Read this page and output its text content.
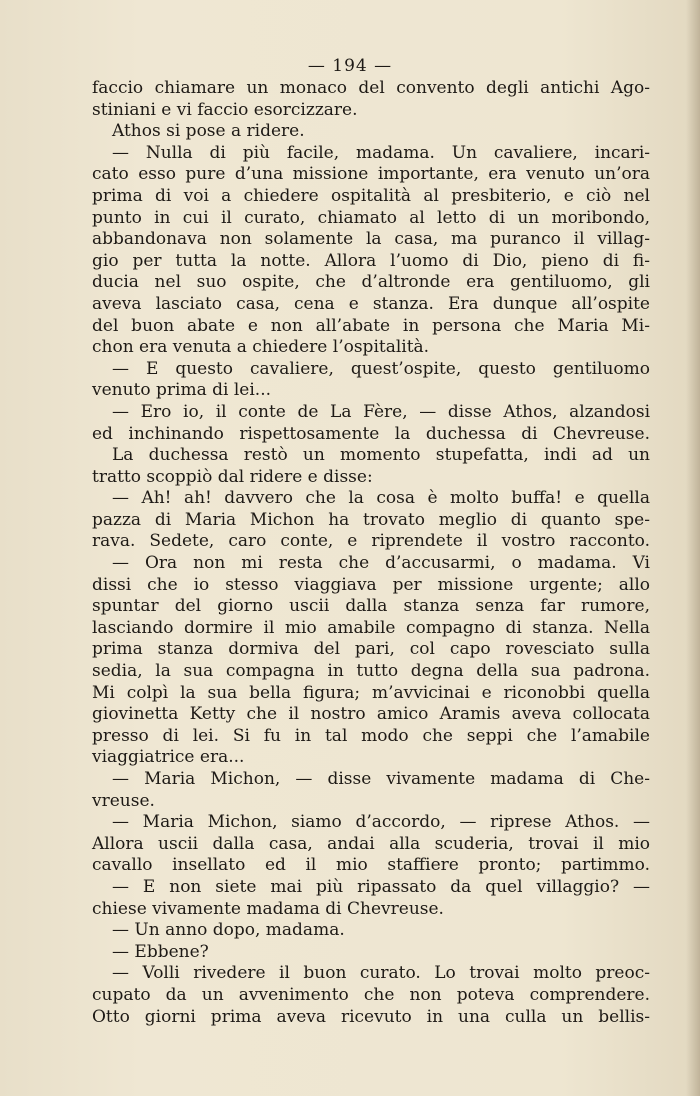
— 194 —
faccio chiamare un monaco del convento degli antichi Ago-
stiniani e vi faccio esorcizzare.
Athos si pose a ridere.
— Nulla di più facile, madama. Un cavaliere, incari-
cato esso pure d’una missione importante, era venuto un’ora
prima di voi a chiedere ospitalità al presbiterio, e ciò nel
punto in cui il curato, chiamato al letto di un moribondo,
abbandonava non solamente la casa, ma puranco il villag-
gio per tutta la notte. Allora l’uomo di Dio, pieno di fi-
ducia nel suo ospite, che d’altronde era gentiluomo, gli
aveva lasciato casa, cena e stanza. Era dunque all’ospite
del buon abate e non all’abate in persona che Maria Mi-
chon era venuta a chiedere l’ospitalità.
— E questo cavaliere, quest’ospite, questo gentiluomo
venuto prima di lei...
— Ero io, il conte de La Fère, — disse Athos, alzandosi
ed inchinando rispettosamente la duchessa di Chevreuse.
La duchessa restò un momento stupefatta, indi ad un
tratto scoppiò dal ridere e disse:
— Ah! ah! davvero che la cosa è molto buffa! e quella
pazza di Maria Michon ha trovato meglio di quanto spe-
rava. Sedete, caro conte, e riprendete il vostro racconto.
— Ora non mi resta che d’accusarmi, o madama. Vi
dissi che io stesso viaggiava per missione urgente; allo
spuntar del giorno uscii dalla stanza senza far rumore,
lasciando dormire il mio amabile compagno di stanza. Nella
prima stanza dormiva del pari, col capo rovesciato sulla
sedia, la sua compagna in tutto degna della sua padrona.
Mi colpì la sua bella figura; m’avvicinai e riconobbi quella
giovinetta Ketty che il nostro amico Aramis aveva collocata
presso di lei. Si fu in tal modo che seppi che l’amabile
viaggiatrice era...
— Maria Michon, — disse vivamente madama di Che-
vreuse.
— Maria Michon, siamo d’accordo, — riprese Athos. —
Allora uscii dalla casa, andai alla scuderia, trovai il mio
cavallo insellato ed il mio staffiere pronto; partimmo.
— E non siete mai più ripassato da quel villaggio? —
chiese vivamente madama di Chevreuse.
— Un anno dopo, madama.
— Ebbene?
— Volli rivedere il buon curato. Lo trovai molto preoc-
cupato da un avvenimento che non poteva comprendere.
Otto giorni prima aveva ricevuto in una culla un bellis-
